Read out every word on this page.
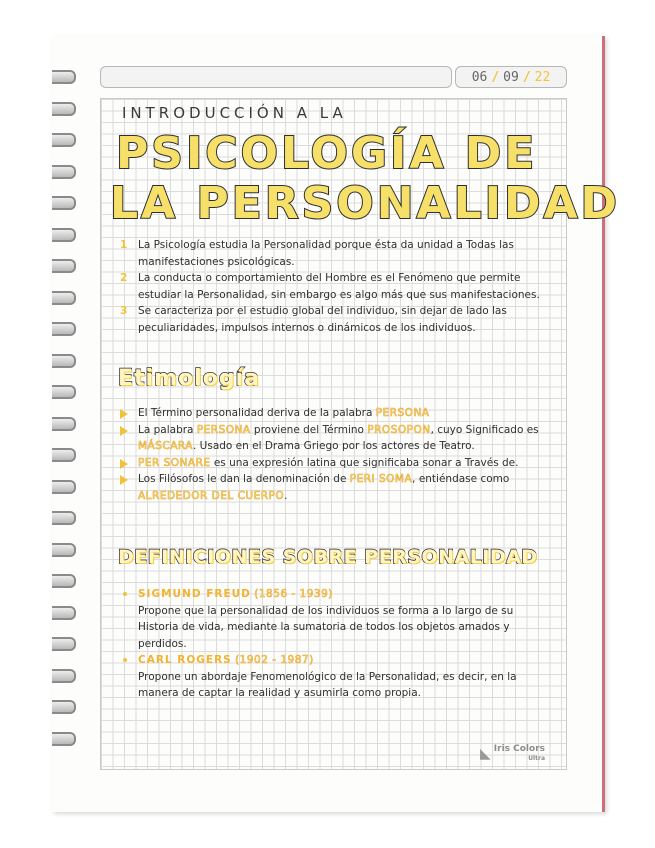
06 / 09 / 22
INTRODUCCIÓN A LA
PSICOLOGÍA DE
LA PERSONALIDAD
1 La Psicología estudia la Personalidad porque ésta da unidad a Todas las manifestaciones psicológicas.
2 La conducta o comportamiento del Hombre es el Fenómeno que permite estudiar la Personalidad, sin embargo es algo más que sus manifestaciones.
3 Se caracteriza por el estudio global del individuo, sin dejar de lado las peculiaridades, impulsos internos o dinámicos de los individuos.
Etimología
El Término personalidad deriva de la palabra PERSONA
La palabra PERSONA proviene del Término PROSOPON, cuyo Significado es MÁSCARA. Usado en el Drama Griego por los actores de Teatro.
PER SONARE es una expresión latina que significaba sonar a Través de.
Los Filósofos le dan la denominación de PERI SOMA, entiéndase como ALREDEDOR DEL CUERPO.
DEFINICIONES SOBRE PERSONALIDAD
SIGMUND FREUD (1856 - 1939)
Propone que la personalidad de los individuos se forma a lo largo de su Historia de vida, mediante la sumatoria de todos los objetos amados y perdidos.
CARL ROGERS (1902 - 1987)
Propone un abordaje Fenomenológico de la Personalidad, es decir, en la manera de captar la realidad y asumirla como propia.
◣ Iris Colors
Ultra
